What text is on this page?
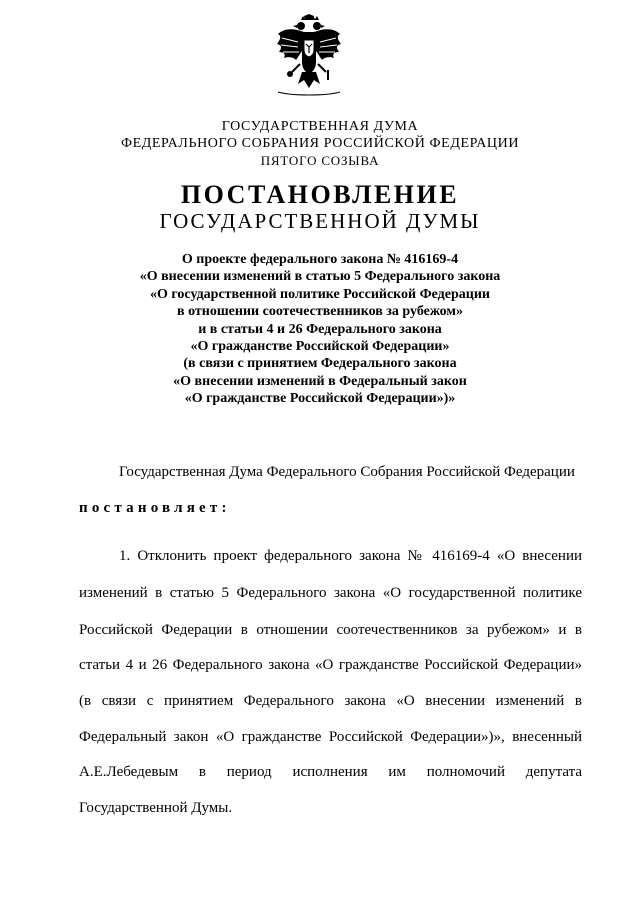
ГОСУДАРСТВЕННАЯ ДУМА
ФЕДЕРАЛЬНОГО СОБРАНИЯ РОССИЙСКОЙ ФЕДЕРАЦИИ
ПЯТОГО СОЗЫВА
ПОСТАНОВЛЕНИЕ
ГОСУДАРСТВЕННОЙ ДУМЫ
О проекте федерального закона № 416169-4
«О внесении изменений в статью 5 Федерального закона
«О государственной политике Российской Федерации
в отношении соотечественников за рубежом»
и в статьи 4 и 26 Федерального закона
«О гражданстве Российской Федерации»
(в связи с принятием Федерального закона
«О внесении изменений в Федеральный закон
«О гражданстве Российской Федерации»)»
Государственная Дума Федерального Собрания Российской Федерации
постановляет:
1. Отклонить проект федерального закона № 416169-4 «О внесении
изменений в статью 5 Федерального закона «О государственной политике
Российской Федерации в отношении соотечественников за рубежом» и в
статьи 4 и 26 Федерального закона «О гражданстве Российской Федерации»
(в связи с принятием Федерального закона «О внесении изменений в
Федеральный закон «О гражданстве Российской Федерации»)», внесенный
А.Е.Лебедевым в период исполнения им полномочий депутата
Государственной Думы.
